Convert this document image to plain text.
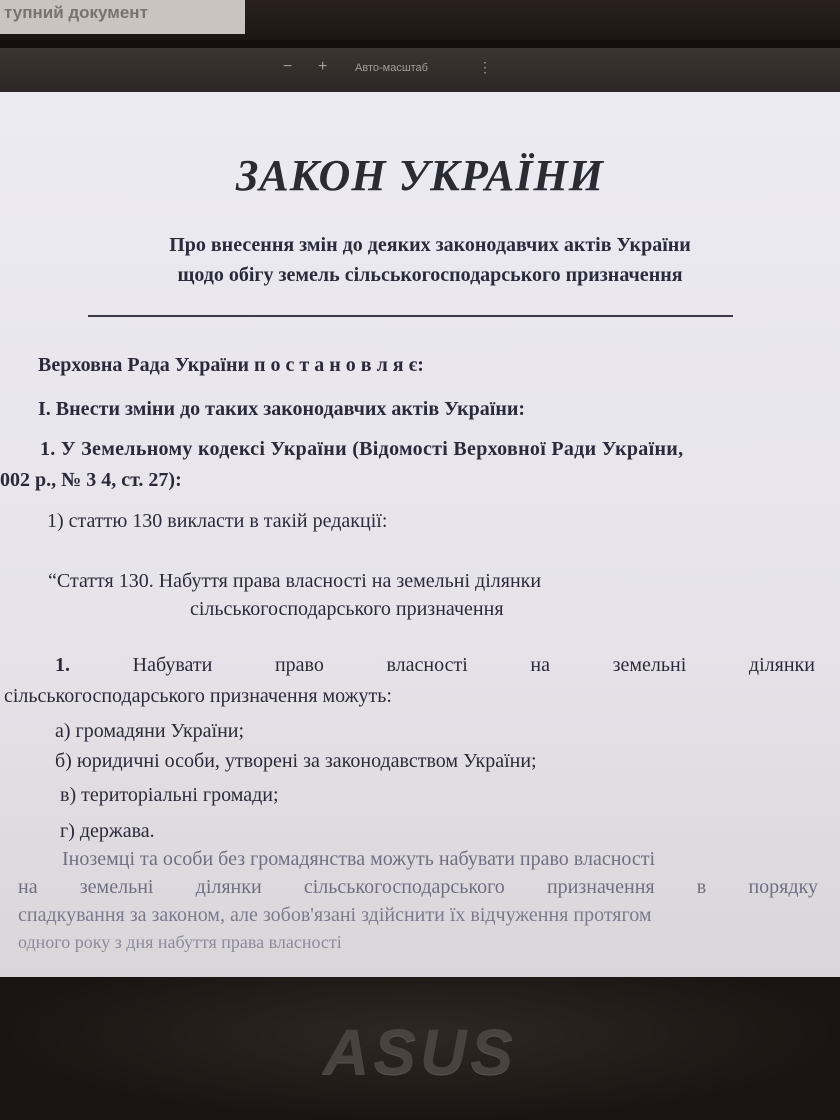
тупний документ
− +	Авто-масштаб	⋮
ЗАКОН УКРАЇНИ
Про внесення змін до деяких законодавчих актів України
щодо обігу земель сільськогосподарського призначення
Верховна Рада України п о с т а н о в л я є:
І. Внести зміни до таких законодавчих актів України:
1. У Земельному кодексі України (Відомості Верховної Ради України,
002 р., № 3 4, ст. 27):
1) статтю 130 викласти в такій редакції:
“Стаття 130. Набуття права власності на земельні ділянки
сільськогосподарського призначення
1.	Набувати	право	власності	на	земельні	ділянки
сільськогосподарського призначення можуть:
а) громадяни України;
б) юридичні особи, утворені за законодавством України;
в) територіальні громади;
г) держава.
Іноземці та особи без громадянства можуть набувати право власності
на земельні ділянки сільськогосподарського призначення в порядку
спадкування за законом, але зобов'язані здійснити їх відчуження протягом
одного року з дня набуття права власності
ASUS
